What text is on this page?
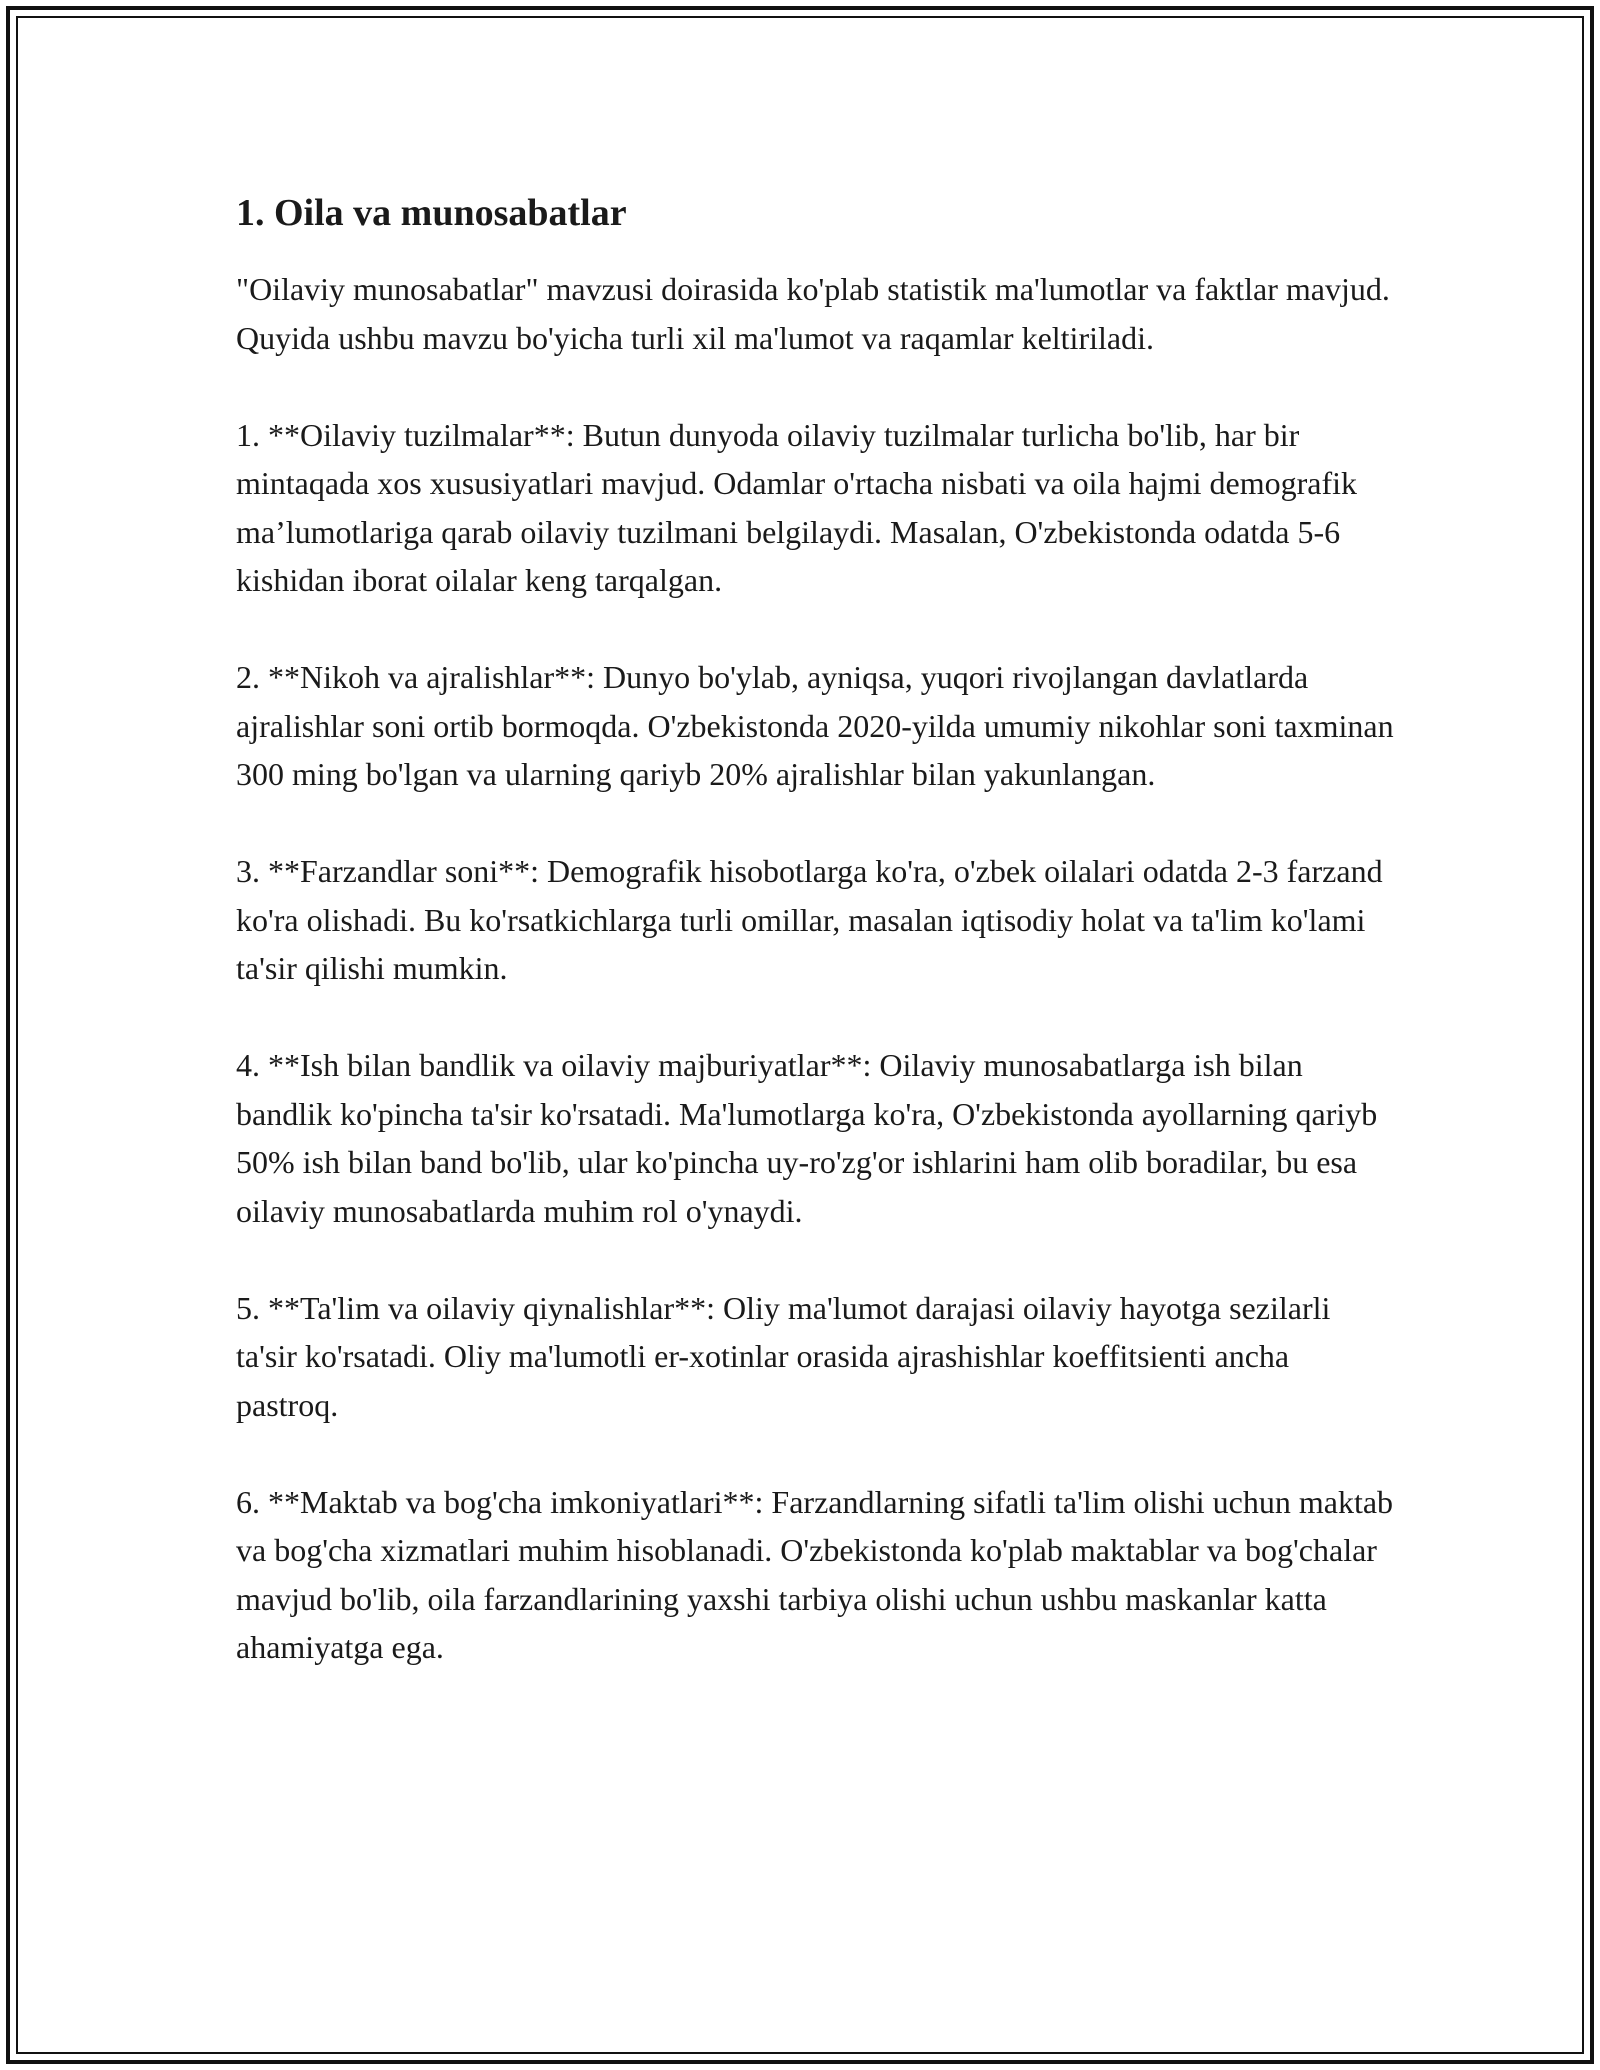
1. Oila va munosabatlar

"Oilaviy munosabatlar" mavzusi doirasida ko'plab statistik ma'lumotlar va faktlar mavjud. Quyida ushbu mavzu bo'yicha turli xil ma'lumot va raqamlar keltiriladi.

1. **Oilaviy tuzilmalar**: Butun dunyoda oilaviy tuzilmalar turlicha bo'lib, har bir mintaqada xos xususiyatlari mavjud. Odamlar o'rtacha nisbati va oila hajmi demografik ma’lumotlariga qarab oilaviy tuzilmani belgilaydi. Masalan, O'zbekistonda odatda 5-6 kishidan iborat oilalar keng tarqalgan.

2. **Nikoh va ajralishlar**: Dunyo bo'ylab, ayniqsa, yuqori rivojlangan davlatlarda ajralishlar soni ortib bormoqda. O'zbekistonda 2020-yilda umumiy nikohlar soni taxminan 300 ming bo'lgan va ularning qariyb 20% ajralishlar bilan yakunlangan.

3. **Farzandlar soni**: Demografik hisobotlarga ko'ra, o'zbek oilalari odatda 2-3 farzand ko'ra olishadi. Bu ko'rsatkichlarga turli omillar, masalan iqtisodiy holat va ta'lim ko'lami ta'sir qilishi mumkin.

4. **Ish bilan bandlik va oilaviy majburiyatlar**: Oilaviy munosabatlarga ish bilan bandlik ko'pincha ta'sir ko'rsatadi. Ma'lumotlarga ko'ra, O'zbekistonda ayollarning qariyb 50% ish bilan band bo'lib, ular ko'pincha uy-ro'zg'or ishlarini ham olib boradilar, bu esa oilaviy munosabatlarda muhim rol o'ynaydi.

5. **Ta'lim va oilaviy qiynalishlar**: Oliy ma'lumot darajasi oilaviy hayotga sezilarli ta'sir ko'rsatadi. Oliy ma'lumotli er-xotinlar orasida ajrashishlar koeffitsienti ancha pastroq.

6. **Maktab va bog'cha imkoniyatlari**: Farzandlarning sifatli ta'lim olishi uchun maktab va bog'cha xizmatlari muhim hisoblanadi. O'zbekistonda ko'plab maktablar va bog'chalar mavjud bo'lib, oila farzandlarining yaxshi tarbiya olishi uchun ushbu maskanlar katta ahamiyatga ega.
